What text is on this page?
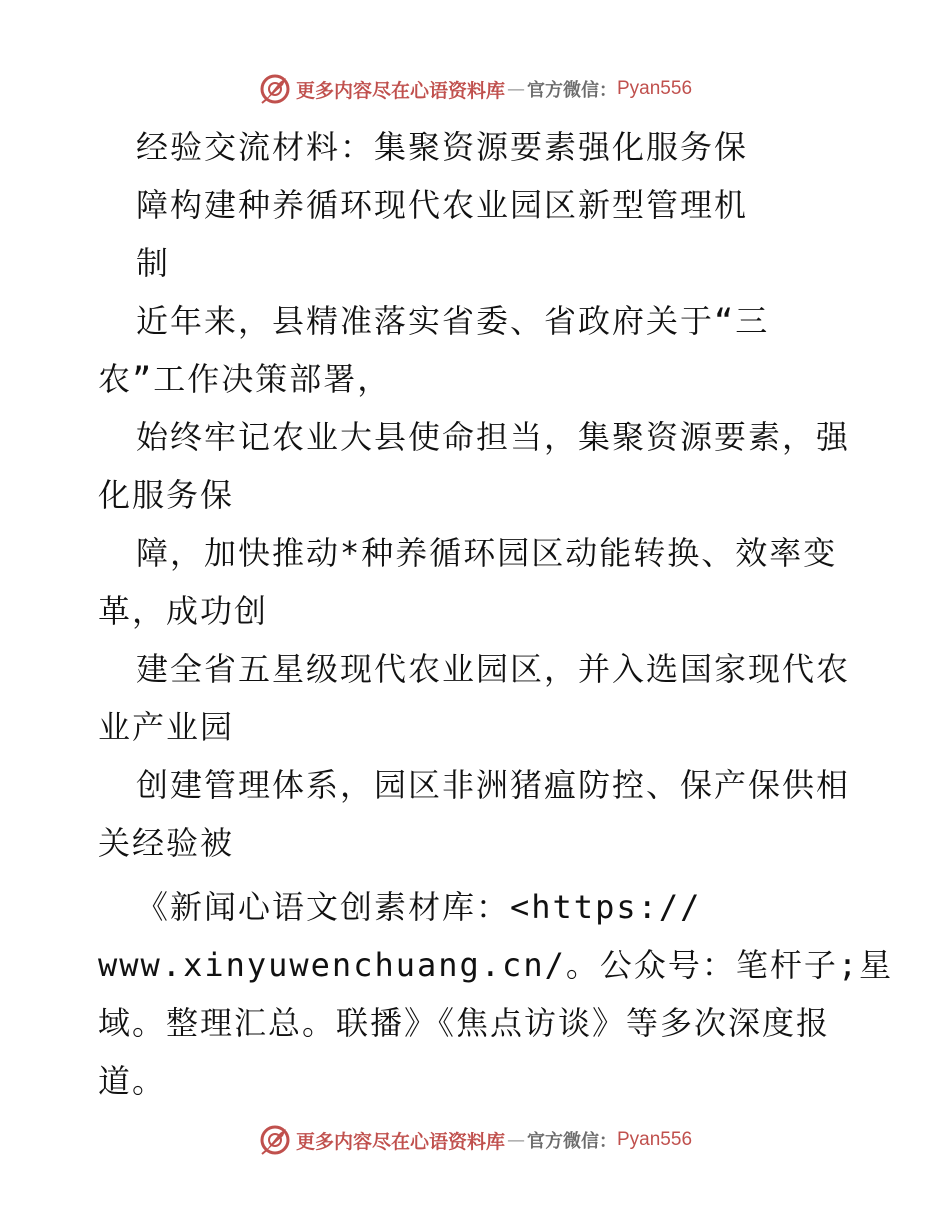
更多内容尽在心语资料库 — 官方微信： Pyan556
经验交流材料：集聚资源要素强化服务保
障构建种养循环现代农业园区新型管理机
制
近年来，县精准落实省委、省政府关于“三
农”工作决策部署，
始终牢记农业大县使命担当，集聚资源要素，强
化服务保
障，加快推动*种养循环园区动能转换、效率变
革，成功创
建全省五星级现代农业园区，并入选国家现代农
业产业园
创建管理体系，园区非洲猪瘟防控、保产保供相
关经验被
《新闻心语文创素材库：<https://
www.xinyuwenchuang.cn/。公众号：笔杆子;星
域。整理汇总。联播》《焦点访谈》等多次深度报
道。
更多内容尽在心语资料库 — 官方微信： Pyan556
